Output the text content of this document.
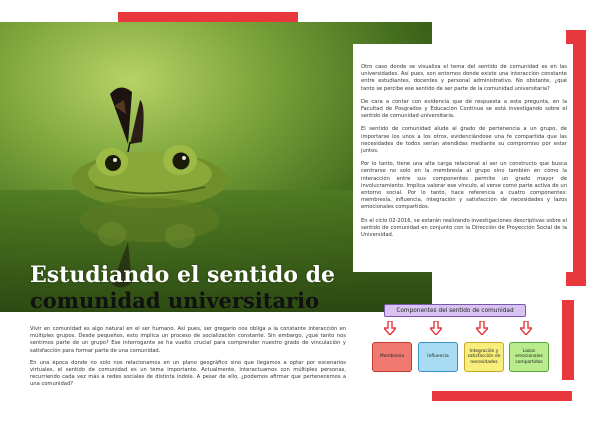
Otro caso donde se visualiza el tema del sentido de comunidad es en las universidades. Así pues, son entornos donde existe una interacción constante entre estudiantes, docentes y personal administrativo. No obstante, ¿qué tanto se percibe ese sentido de ser parte de la comunidad universitaria?

De cara a contar con evidencia que dé respuesta a esta pregunta, en la Facultad de Posgrados y Educación Continua se está investigando sobre el sentido de comunidad universitaria.

El sentido de comunidad alude al grado de pertenencia a un grupo, de importarse los unos a los otros, evidenciándose una fe compartida que las necesidades de todos serían atendidas mediante su compromiso por estar juntos.

Por lo tanto, tiene una alta carga relacional al ser un constructo que busca centrarse no solo en la membresía al grupo sino también en cómo la interacción entre sus componentes permite un grado mayor de involucramiento. Implica valorar ese vínculo, al verse como parte activa de un entorno social. Por lo tanto, hace referencia a cuatro componentes: membresía, influencia, integración y satisfacción de necesidades y lazos emocionales compartidos.

En el ciclo 02-2016, se estarán realizando investigaciones descriptivas sobre el sentido de comunidad en conjunto con la Dirección de Proyección Social de la Universidad.

Estudiando el sentido de
comunidad universitario

Vivir en comunidad es algo natural en el ser humano. Así pues, ser gregario nos obliga a la constante interacción en múltiples grupos. Desde pequeños, esto implica un proceso de socialización constante. Sin embargo, ¿qué tanto nos sentimos parte de un grupo? Ese interrogante se ha vuelto crucial para comprender nuestro grado de vinculación y satisfacción para formar parte de una comunidad.

En una época donde no solo nos relacionamos en un plano geográfico sino que llegamos a optar por escenarios virtuales, el sentido de comunidad es un tema importante. Actualmente, interactuamos con múltiples personas, recurriendo cada vez más a redes sociales de distinta índole. A pesar de ello, ¿podemos afirmar que pertenecemos a una comunidad?

Componentes del sentido de comunidad
Membresía	Influencia
Integración y satisfacción de necesidades
Lazos emocionales compartidos
